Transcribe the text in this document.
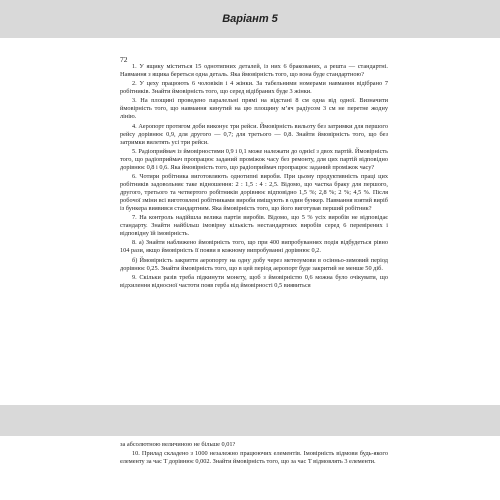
Варіант 5
72

1. У ящику міститься 15 однотипних деталей, із них 6 бракованих, а решта — стандартні. Навмання з ящика береться одна деталь. Яка ймовірність того, що вона буде стандартною?

2. У цеху працюють 6 чоловіків і 4 жінки. За табельними номерами навмання відібрано 7 робітників. Знайти ймовірність того, що серед відібраних буде 3 жінки.

3. На площині проведено паралельні прямі на відстані 8 см одна від одної. Визначити ймовірність того, що навмання кинутий на цю площину м’яч радіусом 3 см не перетне жодну лінію.

4. Аеропорт протягом доби виконує три рейси. Ймовірність вильоту без затримки для першого рейсу дорівнює 0,9, для другого — 0,7; для третього — 0,8. Знайти ймовірність того, що без затримки вилетять усі три рейси.

5. Радіоприймач із ймовірностями 0,9 і 0,1 може належати до однієї з двох партій. Ймовірність того, що радіоприймач пропрацює заданий проміжок часу без ремонту, для цих партій відповідно дорівнює 0,8 і 0,6. Яка ймовірність того, що радіоприймач пропрацює заданий проміжок часу?

6. Чотири робітника виготовляють однотипні вироби. При цьому продуктивність праці цих робітників задовольняє таке відношення: 2 : 1,5 : 4 : 2,5. Відомо, що частка браку для першого, другого, третього та четвертого робітників дорівнює відповідно 1,5 %; 2,8 %; 2 %; 4,5 %. Після робочої зміни всі виготовлені робітниками вироби вміщують в один бункер. Навмання взятий виріб із бункера виявився стандартним. Яка ймовірність того, що його виготував перший робітник?

7. На контроль надійшла велика партія виробів. Відомо, що 5 % усіх виробів не відповідає стандарту. Знайти найбільш імовірну кількість нестандартних виробів серед 6 перевірених і відповідну їй імовірність.

8. а) Знайти наближено ймовірність того, що при 400 випробуваннях подія відбудеться рівно 104 рази, якщо ймовірність її появи в кожному випробуванні дорівнює 0,2.

б) Ймовірність закриття аеропорту на одну добу через метеоумови в осінньо-зимовий період дорівнює 0,25. Знайти ймовірність того, що в цей період аеропорт буде закритий не менше 50 діб.

9. Скільки разів треба підкинути монету, щоб з ймовірністю 0,6 можна було очікувати, що відхилення відносної частоти появ герба від ймовірності 0,5 виявиться

за абсолютною величиною не більше 0,01?

10. Прилад складено з 1000 незалежно працюючих елементів. Імовірність відмови будь-якого елементу за час T дорівнює 0,002. Знайти ймовірність того, що за час T відмовлять 3 елементи.
